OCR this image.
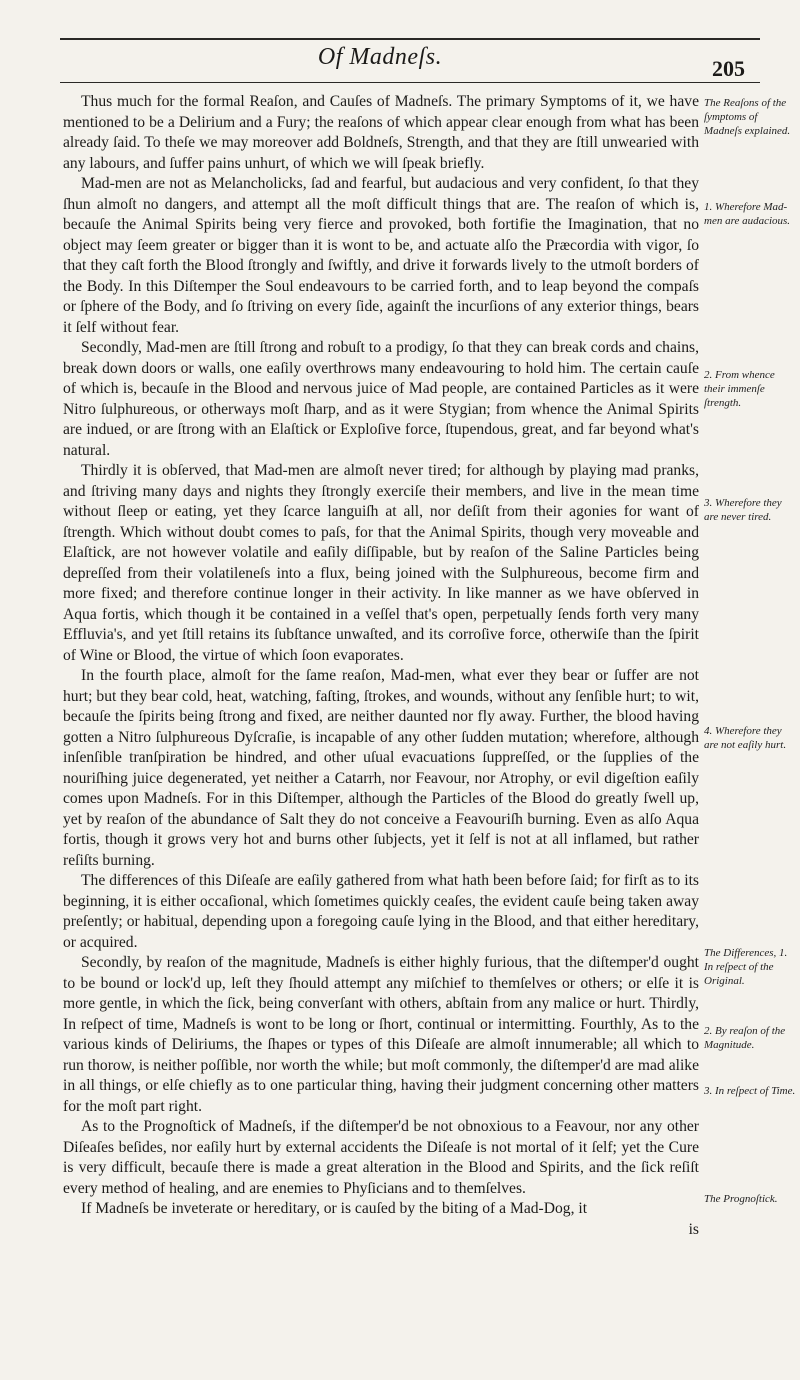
Of Madneſs.	205

Thus much for the formal Reaſon, and Cauſes of Madneſs. The primary Symptoms of it, we have mentioned to be a Delirium and a Fury; the reaſons of which appear clear enough from what has been already ſaid. To theſe we may moreover add Boldneſs, Strength, and that they are ſtill unwearied with any labours, and ſuffer pains unhurt, of which we will ſpeak briefly.

Mad-men are not as Melancholicks, ſad and fearful, but audacious and very confident, ſo that they ſhun almoſt no dangers, and attempt all the moſt difficult things that are. The reaſon of which is, becauſe the Animal Spirits being very fierce and provoked, both fortifie the Imagination, that no object may ſeem greater or bigger than it is wont to be, and actuate alſo the Præcordia with vigor, ſo that they caſt forth the Blood ſtrongly and ſwiftly, and drive it forwards lively to the utmoſt borders of the Body. In this Diſtemper the Soul endeavours to be carried forth, and to leap beyond the compaſs or ſphere of the Body, and ſo ſtriving on every ſide, againſt the incurſions of any exterior things, bears it ſelf without fear.

Secondly, Mad-men are ſtill ſtrong and robuſt to a prodigy, ſo that they can break cords and chains, break down doors or walls, one eaſily overthrows many endeavouring to hold him. The certain cauſe of which is, becauſe in the Blood and nervous juice of Mad people, are contained Particles as it were Nitro ſulphureous, or otherways moſt ſharp, and as it were Stygian; from whence the Animal Spirits are indued, or are ſtrong with an Elaſtick or Exploſive force, ſtupendous, great, and far beyond what's natural.

Thirdly it is obſerved, that Mad-men are almoſt never tired; for although by playing mad pranks, and ſtriving many days and nights they ſtrongly exerciſe their members, and live in the mean time without ſleep or eating, yet they ſcarce languiſh at all, nor deſiſt from their agonies for want of ſtrength. Which without doubt comes to paſs, for that the Animal Spirits, though very moveable and Elaſtick, are not however volatile and eaſily diſſipable, but by reaſon of the Saline Particles being depreſſed from their volatileneſs into a flux, being joined with the Sulphureous, become firm and more fixed; and therefore continue longer in their activity. In like manner as we have obſerved in Aqua fortis, which though it be contained in a veſſel that's open, perpetually ſends forth very many Effluvia's, and yet ſtill retains its ſubſtance unwaſted, and its corroſive force, otherwiſe than the ſpirit of Wine or Blood, the virtue of which ſoon evaporates.

In the fourth place, almoſt for the ſame reaſon, Mad-men, what ever they bear or ſuffer are not hurt; but they bear cold, heat, watching, faſting, ſtrokes, and wounds, without any ſenſible hurt; to wit, becauſe the ſpirits being ſtrong and fixed, are neither daunted nor fly away. Further, the blood having gotten a Nitro ſulphureous Dyſcraſie, is incapable of any other ſudden mutation; wherefore, although inſenſible tranſpiration be hindred, and other uſual evacuations ſuppreſſed, or the ſupplies of the nouriſhing juice degenerated, yet neither a Catarrh, nor Feavour, nor Atrophy, or evil digeſtion eaſily comes upon Madneſs. For in this Diſtemper, although the Particles of the Blood do greatly ſwell up, yet by reaſon of the abundance of Salt they do not conceive a Feavouriſh burning. Even as alſo Aqua fortis, though it grows very hot and burns other ſubjects, yet it ſelf is not at all inflamed, but rather reſiſts burning.

The differences of this Diſeaſe are eaſily gathered from what hath been before ſaid; for firſt as to its beginning, it is either occaſional, which ſometimes quickly ceaſes, the evident cauſe being taken away preſently; or habitual, depending upon a foregoing cauſe lying in the Blood, and that either hereditary, or acquired.

Secondly, by reaſon of the magnitude, Madneſs is either highly furious, that the diſtemper'd ought to be bound or lock'd up, leſt they ſhould attempt any miſchief to themſelves or others; or elſe it is more gentle, in which the ſick, being converſant with others, abſtain from any malice or hurt. Thirdly, In reſpect of time, Madneſs is wont to be long or ſhort, continual or intermitting. Fourthly, As to the various kinds of Deliriums, the ſhapes or types of this Diſeaſe are almoſt innumerable; all which to run thorow, is neither poſſible, nor worth the while; but moſt commonly, the diſtemper'd are mad alike in all things, or elſe chiefly as to one particular thing, having their judgment concerning other matters for the moſt part right.

As to the Prognoſtick of Madneſs, if the diſtemper'd be not obnoxious to a Feavour, nor any other Diſeaſes beſides, nor eaſily hurt by external accidents the Diſeaſe is not mortal of it ſelf; yet the Cure is very difficult, becauſe there is made a great alteration in the Blood and Spirits, and the ſick reſiſt every method of healing, and are enemies to Phyſicians and to themſelves.

If Madneſs be inveterate or hereditary, or is cauſed by the biting of a Mad-Dog, it

is
The Reaſons of the ſymptoms of Madneſs explained.
1. Wherefore Mad-men are audacious.
2. From whence their immenſe ſtrength.
3. Wherefore they are never tired.
4. Wherefore they are not eaſily hurt.
The Differences, 1. In reſpect of the Original.
2. By reaſon of the Magnitude.
3. In reſpect of Time.
The Prognoſtick.
